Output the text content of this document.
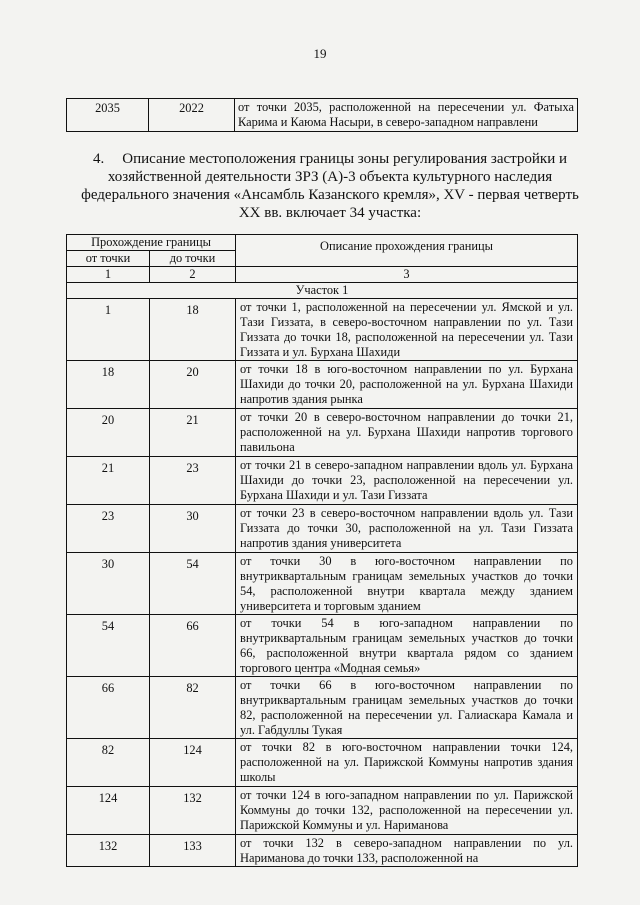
19
2035	2022	от точки 2035, расположенной на пересечении ул. Фатыха Карима и Каюма Насыри, в северо-западном направлени
4. Описание местоположения границы зоны регулирования застройки и хозяйственной деятельности ЗРЗ (А)-3 объекта культурного наследия федерального значения «Ансамбль Казанского кремля», XV - первая четверть XX вв. включает 34 участка:
Прохождение границы		Описание прохождения границы
от точки	до точки	
1	2	3
Участок 1		
1	18	от точки 1, расположенной на пересечении ул. Ямской и ул. Тази Гиззата, в северо-восточном направлении по ул. Тази Гиззата до точки 18, расположенной на пересечении ул. Тази Гиззата и ул. Бурхана Шахиди
18	20	от точки 18 в юго-восточном направлении по ул. Бурхана Шахиди до точки 20, расположенной на ул. Бурхана Шахиди напротив здания рынка
20	21	от точки 20 в северо-восточном направлении до точки 21, расположенной на ул. Бурхана Шахиди напротив торгового павильона
21	23	от точки 21 в северо-западном направлении вдоль ул. Бурхана Шахиди до точки 23, расположенной на пересечении ул. Бурхана Шахиди и ул. Тази Гиззата
23	30	от точки 23 в северо-восточном направлении вдоль ул. Тази Гиззата до точки 30, расположенной на ул. Тази Гиззата напротив здания университета
30	54	от точки 30 в юго-восточном направлении по внутриквартальным границам земельных участков до точки 54, расположенной внутри квартала между зданием университета и торговым зданием
54	66	от точки 54 в юго-западном направлении по внутриквартальным границам земельных участков до точки 66, расположенной внутри квартала рядом со зданием торгового центра «Модная семья»
66	82	от точки 66 в юго-восточном направлении по внутриквартальным границам земельных участков до точки 82, расположенной на пересечении ул. Галиаскара Камала и ул. Габдуллы Тукая
82	124	от точки 82 в юго-восточном направлении точки 124, расположенной на ул. Парижской Коммуны напротив здания школы
124	132	от точки 124 в юго-западном направлении по ул. Парижской Коммуны до точки 132, расположенной на пересечении ул. Парижской Коммуны и ул. Нариманова
132	133	от точки 132 в северо-западном направлении по ул. Нариманова до точки 133, расположенной на
